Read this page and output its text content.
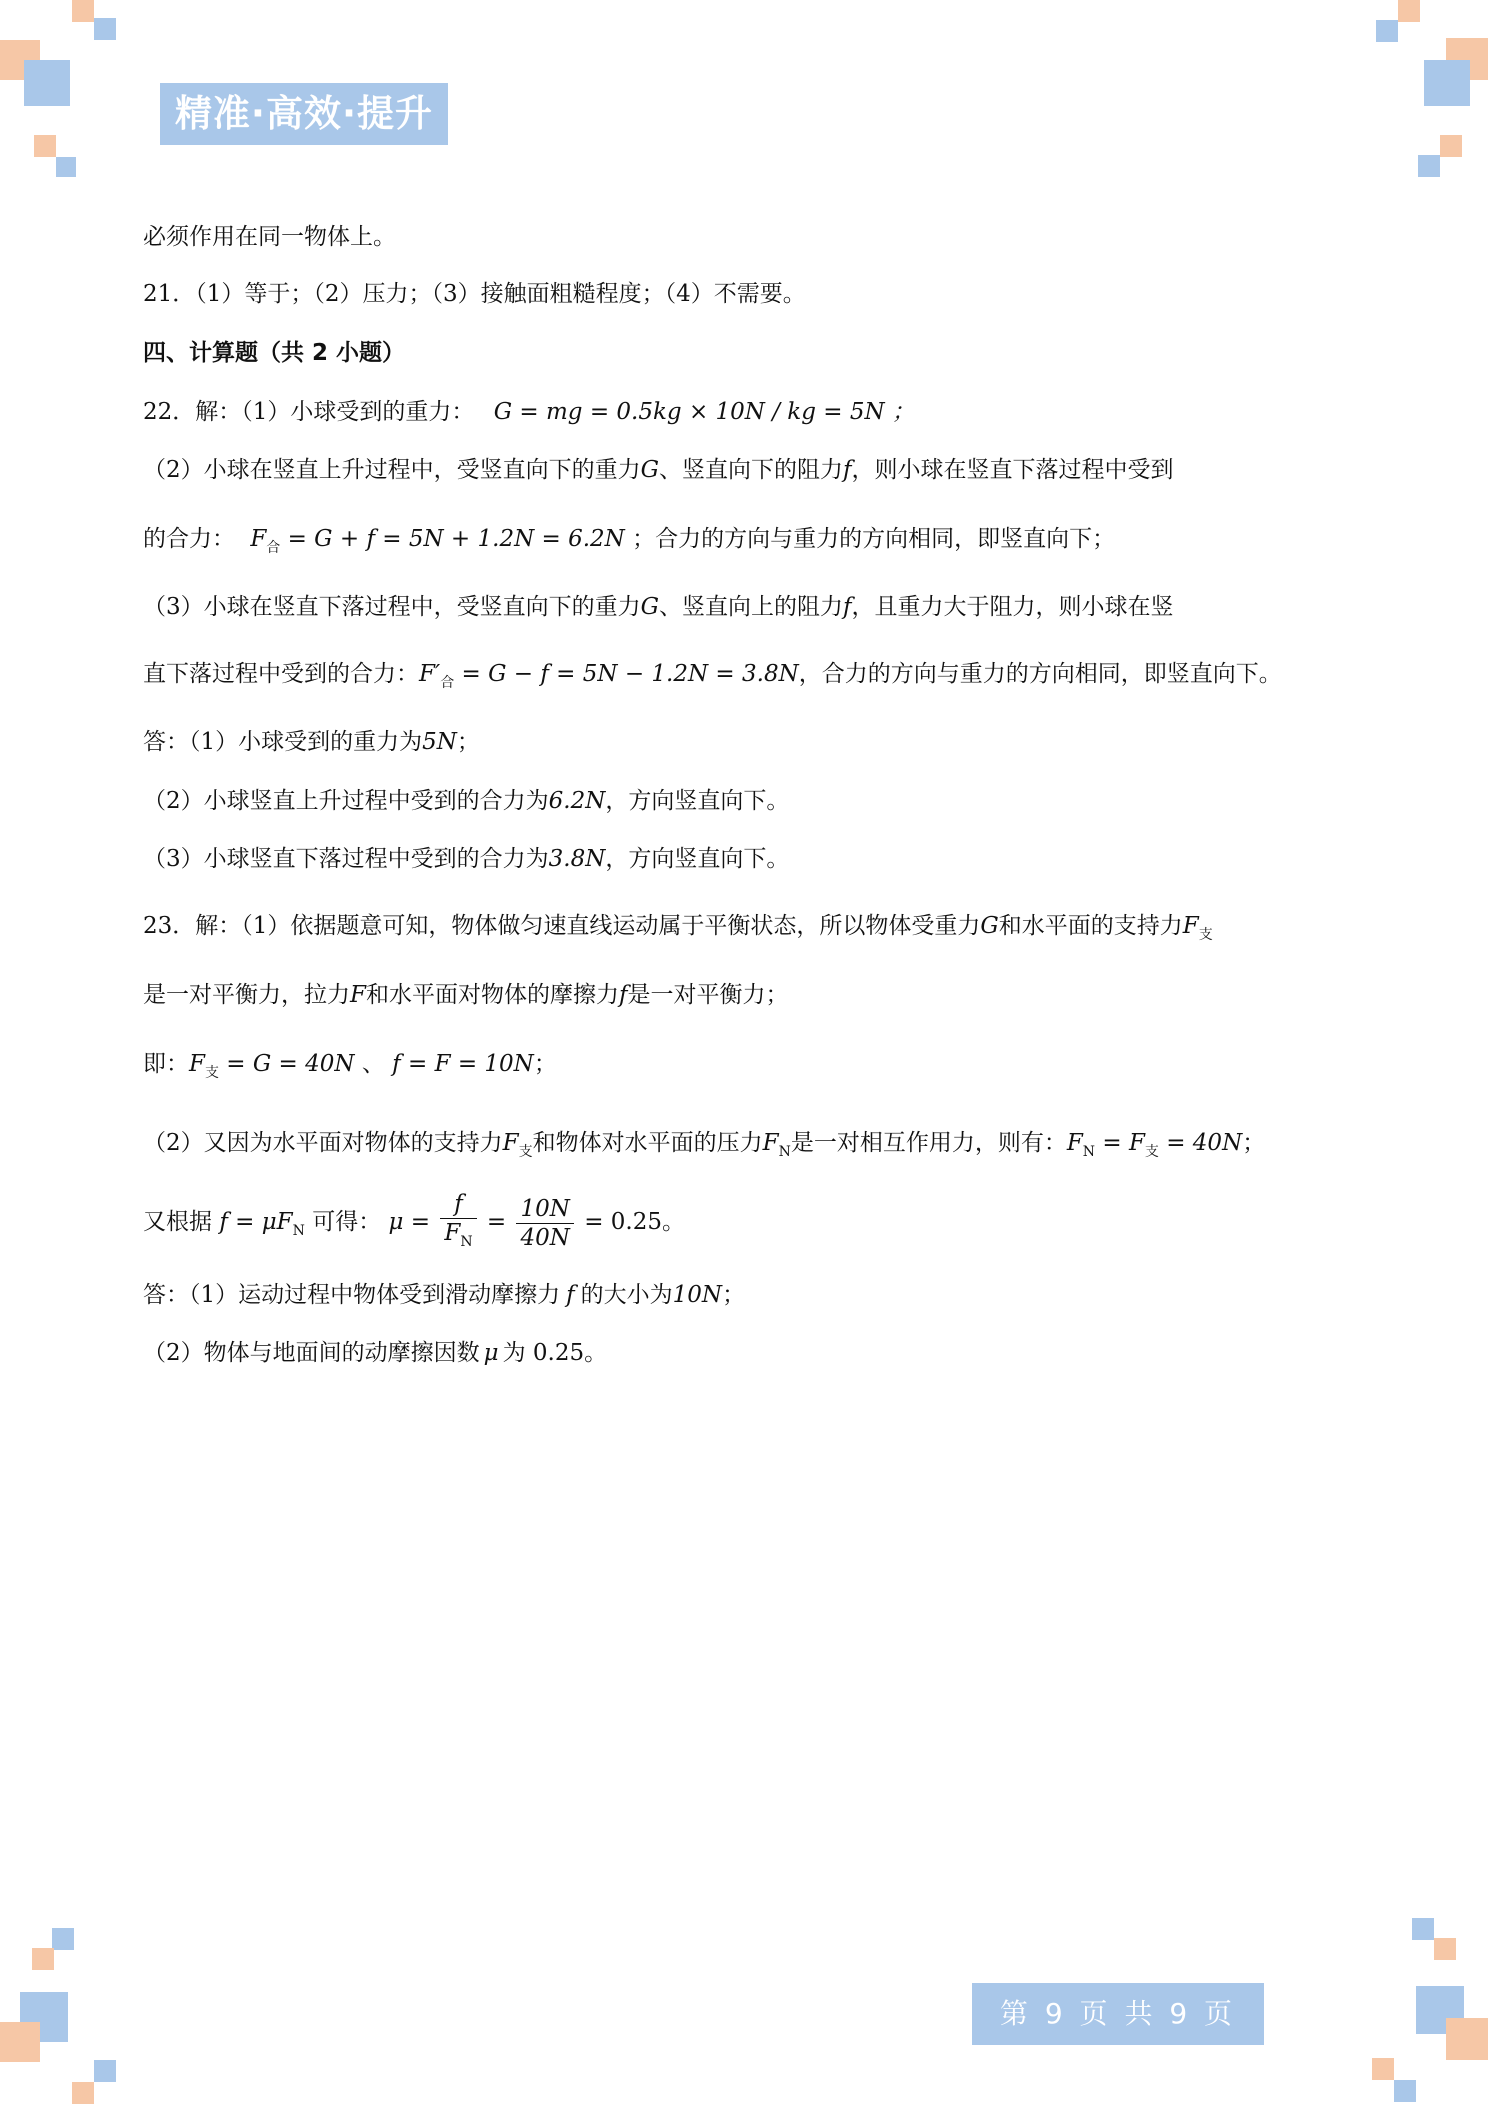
精准·高效·提升
必须作用在同一物体上。
21．（1）等于；（2）压力；（3）接触面粗糙程度；（4）不需要。
四、计算题（共 2 小题）
22．解：（1）小球受到的重力： G = mg = 0.5kg × 10N / kg = 5N ；
（2）小球在竖直上升过程中，受竖直向下的重力G、竖直向下的阻力f，则小球在竖直下落过程中受到
的合力： $F_合 = G + f = 5N + 1.2N = 6.2N$ ；合力的方向与重力的方向相同，即竖直向下；
（3）小球在竖直下落过程中，受竖直向下的重力G、竖直向上的阻力f，且重力大于阻力，则小球在竖
直下落过程中受到的合力：$F'_合 = G - f = 5N - 1.2N = 3.8N$，合力的方向与重力的方向相同，即竖直向下。
答：（1）小球受到的重力为5N；
（2）小球竖直上升过程中受到的合力为6.2N，方向竖直向下。
（3）小球竖直下落过程中受到的合力为3.8N，方向竖直向下。
23．解：（1）依据题意可知，物体做匀速直线运动属于平衡状态，所以物体受重力G和水平面的支持力$F_支$
是一对平衡力，拉力F和水平面对物体的摩擦力f是一对平衡力；
即：$F_支 = G = 40N$ 、 f = F = 10N；
（2）又因为水平面对物体的支持力$F_支$和物体对水平面的压力$F_N$是一对相互作用力，则有：$F_N = F_支 = 40N$；
又根据 $f = \mu F_N$ 可得： $\mu = \frac{f}{F_N} = \frac{10N}{40N} = 0.25$。
答：（1）运动过程中物体受到滑动摩擦力 f 的大小为10N；
（2）物体与地面间的动摩擦因数 μ 为 0.25。
第 9 页 共 9 页
